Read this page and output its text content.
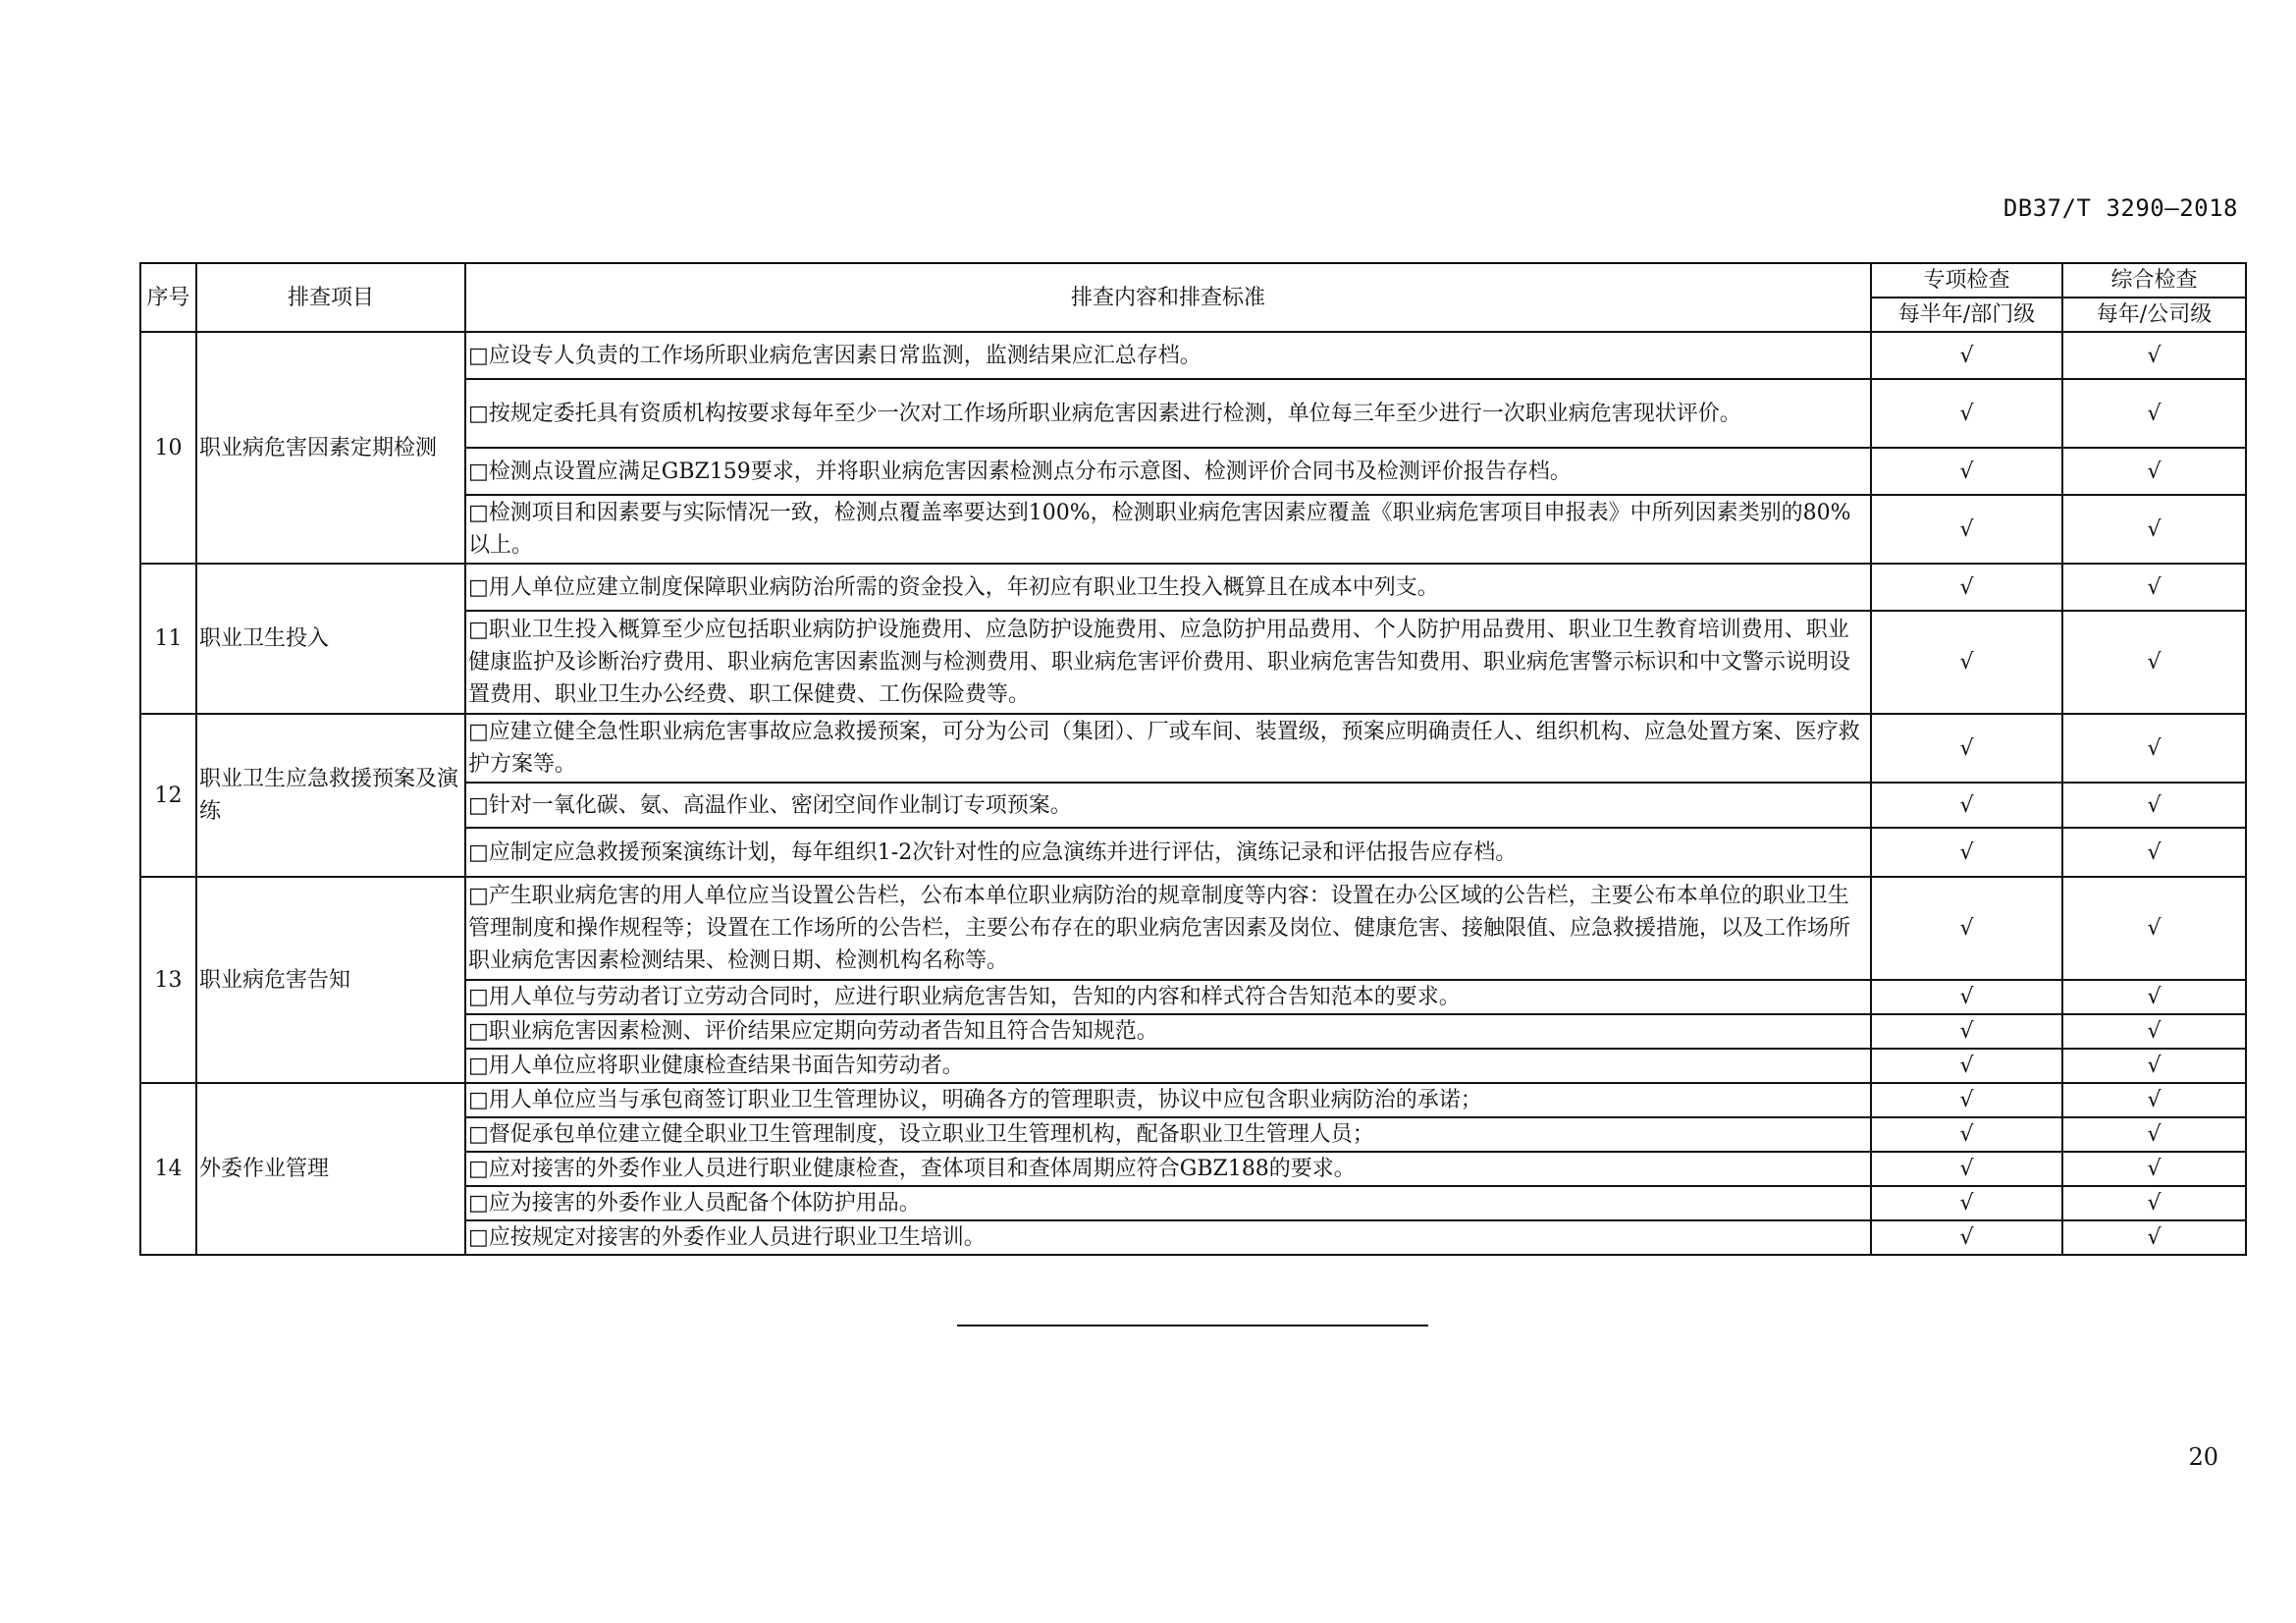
DB37/T 3290—2018
序号	排查项目	排查内容和排查标准	专项检查	综合检查
			每半年/部门级	每年/公司级
10	职业病危害因素定期检测	□应设专人负责的工作场所职业病危害因素日常监测，监测结果应汇总存档。	√	√
		□按规定委托具有资质机构按要求每年至少一次对工作场所职业病危害因素进行检测，单位每三年至少进行一次职业病危害现状评价。	√	√
		□检测点设置应满足GBZ159要求，并将职业病危害因素检测点分布示意图、检测评价合同书及检测评价报告存档。	√	√
		□检测项目和因素要与实际情况一致，检测点覆盖率要达到100%，检测职业病危害因素应覆盖《职业病危害项目申报表》中所列因素类别的80%以上。	√	√
11	职业卫生投入	□用人单位应建立制度保障职业病防治所需的资金投入，年初应有职业卫生投入概算且在成本中列支。	√	√
		□职业卫生投入概算至少应包括职业病防护设施费用、应急防护设施费用、应急防护用品费用、个人防护用品费用、职业卫生教育培训费用、职业健康监护及诊断治疗费用、职业病危害因素监测与检测费用、职业病危害评价费用、职业病危害告知费用、职业病危害警示标识和中文警示说明设置费用、职业卫生办公经费、职工保健费、工伤保险费等。	√	√
12	职业卫生应急救援预案及演练	□应建立健全急性职业病危害事故应急救援预案，可分为公司（集团）、厂或车间、装置级，预案应明确责任人、组织机构、应急处置方案、医疗救护方案等。	√	√
		□针对一氧化碳、氨、高温作业、密闭空间作业制订专项预案。	√	√
		□应制定应急救援预案演练计划，每年组织1-2次针对性的应急演练并进行评估，演练记录和评估报告应存档。	√	√
13	职业病危害告知	□产生职业病危害的用人单位应当设置公告栏，公布本单位职业病防治的规章制度等内容：设置在办公区域的公告栏，主要公布本单位的职业卫生管理制度和操作规程等；设置在工作场所的公告栏，主要公布存在的职业病危害因素及岗位、健康危害、接触限值、应急救援措施，以及工作场所职业病危害因素检测结果、检测日期、检测机构名称等。	√	√
		□用人单位与劳动者订立劳动合同时，应进行职业病危害告知，告知的内容和样式符合告知范本的要求。	√	√
		□职业病危害因素检测、评价结果应定期向劳动者告知且符合告知规范。	√	√
		□用人单位应将职业健康检查结果书面告知劳动者。	√	√
14	外委作业管理	□用人单位应当与承包商签订职业卫生管理协议，明确各方的管理职责，协议中应包含职业病防治的承诺；	√	√
		□督促承包单位建立健全职业卫生管理制度，设立职业卫生管理机构，配备职业卫生管理人员；	√	√
		□应对接害的外委作业人员进行职业健康检查，查体项目和查体周期应符合GBZ188的要求。	√	√
		□应为接害的外委作业人员配备个体防护用品。	√	√
		□应按规定对接害的外委作业人员进行职业卫生培训。	√	√
20
